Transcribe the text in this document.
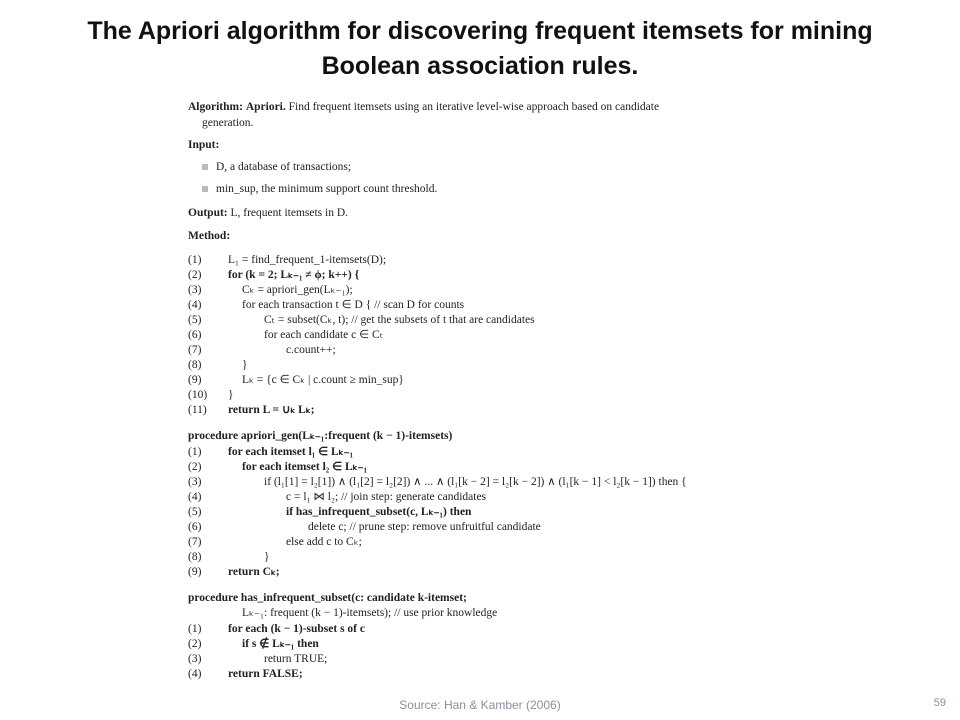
The Apriori algorithm for discovering frequent itemsets for mining Boolean association rules.
Algorithm: Apriori. Find frequent itemsets using an iterative level-wise approach based on candidate
generation.
Input:
D, a database of transactions;
min_sup, the minimum support count threshold.
Output: L, frequent itemsets in D.
Method:
(1)	L₁ = find_frequent_1-itemsets(D);
(2)	for (k = 2; Lₖ₋₁ ≠ ϕ; k++) {
(3)	Cₖ = apriori_gen(Lₖ₋₁);
(4)	for each transaction t ∈ D { // scan D for counts
(5)	Cₜ = subset(Cₖ, t); // get the subsets of t that are candidates
(6)	for each candidate c ∈ Cₜ
(7)	c.count++;
(8)	}
(9)	Lₖ = {c ∈ Cₖ | c.count ≥ min_sup}
(10)	}
(11)	return L = ∪ₖ Lₖ;
procedure apriori_gen(Lₖ₋₁:frequent (k − 1)-itemsets)
(1)	for each itemset l₁ ∈ Lₖ₋₁
(2)	for each itemset l₂ ∈ Lₖ₋₁
(3)	if (l₁[1] = l₂[1]) ∧ (l₁[2] = l₂[2]) ∧ ... ∧ (l₁[k − 2] = l₂[k − 2]) ∧ (l₁[k − 1] < l₂[k − 1]) then {
(4)	c = l₁ ⋈ l₂; // join step: generate candidates
(5)	if has_infrequent_subset(c, Lₖ₋₁) then
(6)	delete c; // prune step: remove unfruitful candidate
(7)	else add c to Cₖ;
(8)	}
(9)	return Cₖ;
procedure has_infrequent_subset(c: candidate k-itemset;
Lₖ₋₁: frequent (k − 1)-itemsets); // use prior knowledge
(1)	for each (k − 1)-subset s of c
(2)	if s ∉ Lₖ₋₁ then
(3)	return TRUE;
(4)	return FALSE;
Source: Han & Kamber (2006)	59
